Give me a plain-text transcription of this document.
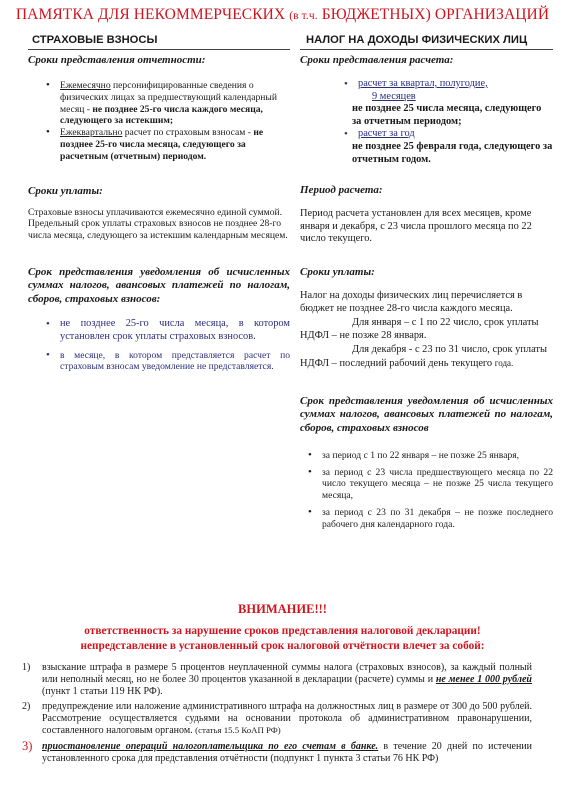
ПАМЯТКА ДЛЯ НЕКОММЕРЧЕСКИХ (в т.ч. БЮДЖЕТНЫХ) ОРГАНИЗАЦИЙ
СТРАХОВЫЕ ВЗНОСЫ
Сроки представления отчетности:
• Ежемесячно персонифицированные сведения о физических лицах за предшествующий календарный месяц - не позднее 25-го числа каждого месяца, следующего за истекшим;
• Ежеквартально расчет по страховым взносам - не позднее 25-го числа месяца, следующего за расчетным (отчетным) периодом.
Сроки уплаты:

Страховые взносы уплачиваются ежемесячно единой суммой. Предельный срок уплаты страховых взносов не позднее 28-го числа месяца, следующего за истекшим календарным месяцем.

Срок представления уведомления об исчисленных суммах налогов, авансовых платежей по налогам, сборов, страховых взносов:
• не позднее 25-го числа месяца, в котором установлен срок уплаты страховых взносов.
• в месяце, в котором представляется расчет по страховым взносам уведомление не представляется.
НАЛОГ НА ДОХОДЫ ФИЗИЧЕСКИХ ЛИЦ
Сроки представления расчета:
• расчет за квартал, полугодие,
9 месяцев

не позднее 25 числа месяца, следующего за отчетным периодом;
• расчет за год

не позднее 25 февраля года, следующего за отчетным годом.
Период расчета:

Период расчета установлен для всех месяцев, кроме января и декабря, с 23 числа прошлого месяца по 22 число текущего.

Сроки уплаты:

Налог на доходы физических лиц перечисляется в бюджет не позднее 28-го числа каждого месяца.

Для января – с 1 по 22 число, срок уплаты НДФЛ – не позже 28 января.

Для декабря - с 23 по 31 число, срок уплаты НДФЛ – последний рабочий день текущего года.

Срок представления уведомления об исчисленных суммах налогов, авансовых платежей по налогам, сборов, страховых взносов
• за период с 1 по 22 января – не позже 25 января,
• за период с 23 числа предшествующего месяца по 22 число текущего месяца – не позже 25 числа текущего месяца,
• за период с 23 по 31 декабря – не позже последнего рабочего дня календарного года.
ВНИМАНИЕ!!!
ответственность за нарушение сроков представления налоговой декларации!
непредставление в установленный срок налоговой отчётности влечет за собой:
1) взыскание штрафа в размере 5 процентов неуплаченной суммы налога (страховых взносов), за каждый полный или неполный месяц, но не более 30 процентов указанной в декларации (расчете) суммы и не менее 1 000 рублей (пункт 1 статьи 119 НК РФ).
2) предупреждение или наложение административного штрафа на должностных лиц в размере от 300 до 500 рублей. Рассмотрение осуществляется судьями на основании протокола об административном правонарушении, составленного налоговым органом. (статья 15.5 КоАП РФ)
3) приостановление операций налогоплательщика по его счетам в банке. в течение 20 дней по истечении установленного срока для представления отчётности (подпункт 1 пункта 3 статьи 76 НК РФ)
